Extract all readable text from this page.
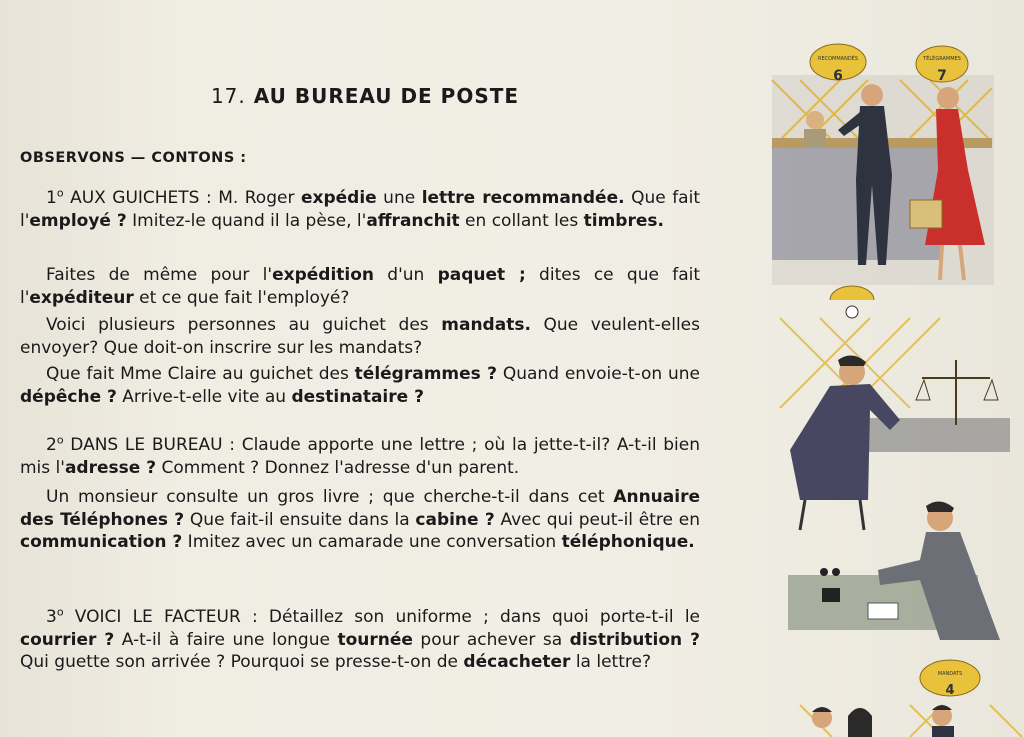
17. AU BUREAU DE POSTE
OBSERVONS — CONTONS :
1$^o$ AUX GUICHETS : M. Roger expédie une lettre recommandée. Que fait l'employé ? Imitez-le quand il la pèse, l'affranchit en collant les timbres.
Faites de même pour l'expédition d'un paquet ; dites ce que fait l'expéditeur et ce que fait l'employé?
Voici plusieurs personnes au guichet des mandats. Que veulent-elles envoyer? Que doit-on inscrire sur les mandats?
Que fait Mme Claire au guichet des télégrammes ? Quand envoie-t-on une dépêche ? Arrive-t-elle vite au destinataire ?
2$^o$ DANS LE BUREAU : Claude apporte une lettre ; où la jette-t-il? A-t-il bien mis l'adresse ? Comment ? Donnez l'adresse d'un parent.
Un monsieur consulte un gros livre ; que cherche-t-il dans cet Annuaire des Téléphones ? Que fait-il ensuite dans la cabine ? Avec qui peut-il être en communication ? Imitez avec un camarade une conversation téléphonique.
3$^o$ VOICI LE FACTEUR : Détaillez son uniforme ; dans quoi porte-t-il le courrier ? A-t-il à faire une longue tournée pour achever sa distribution ? Qui guette son arrivée ? Pourquoi se presse-t-on de décacheter la lettre?
6
RECOMMANDÉS
7
TÉLÉGRAMMES
MANDATS
4
